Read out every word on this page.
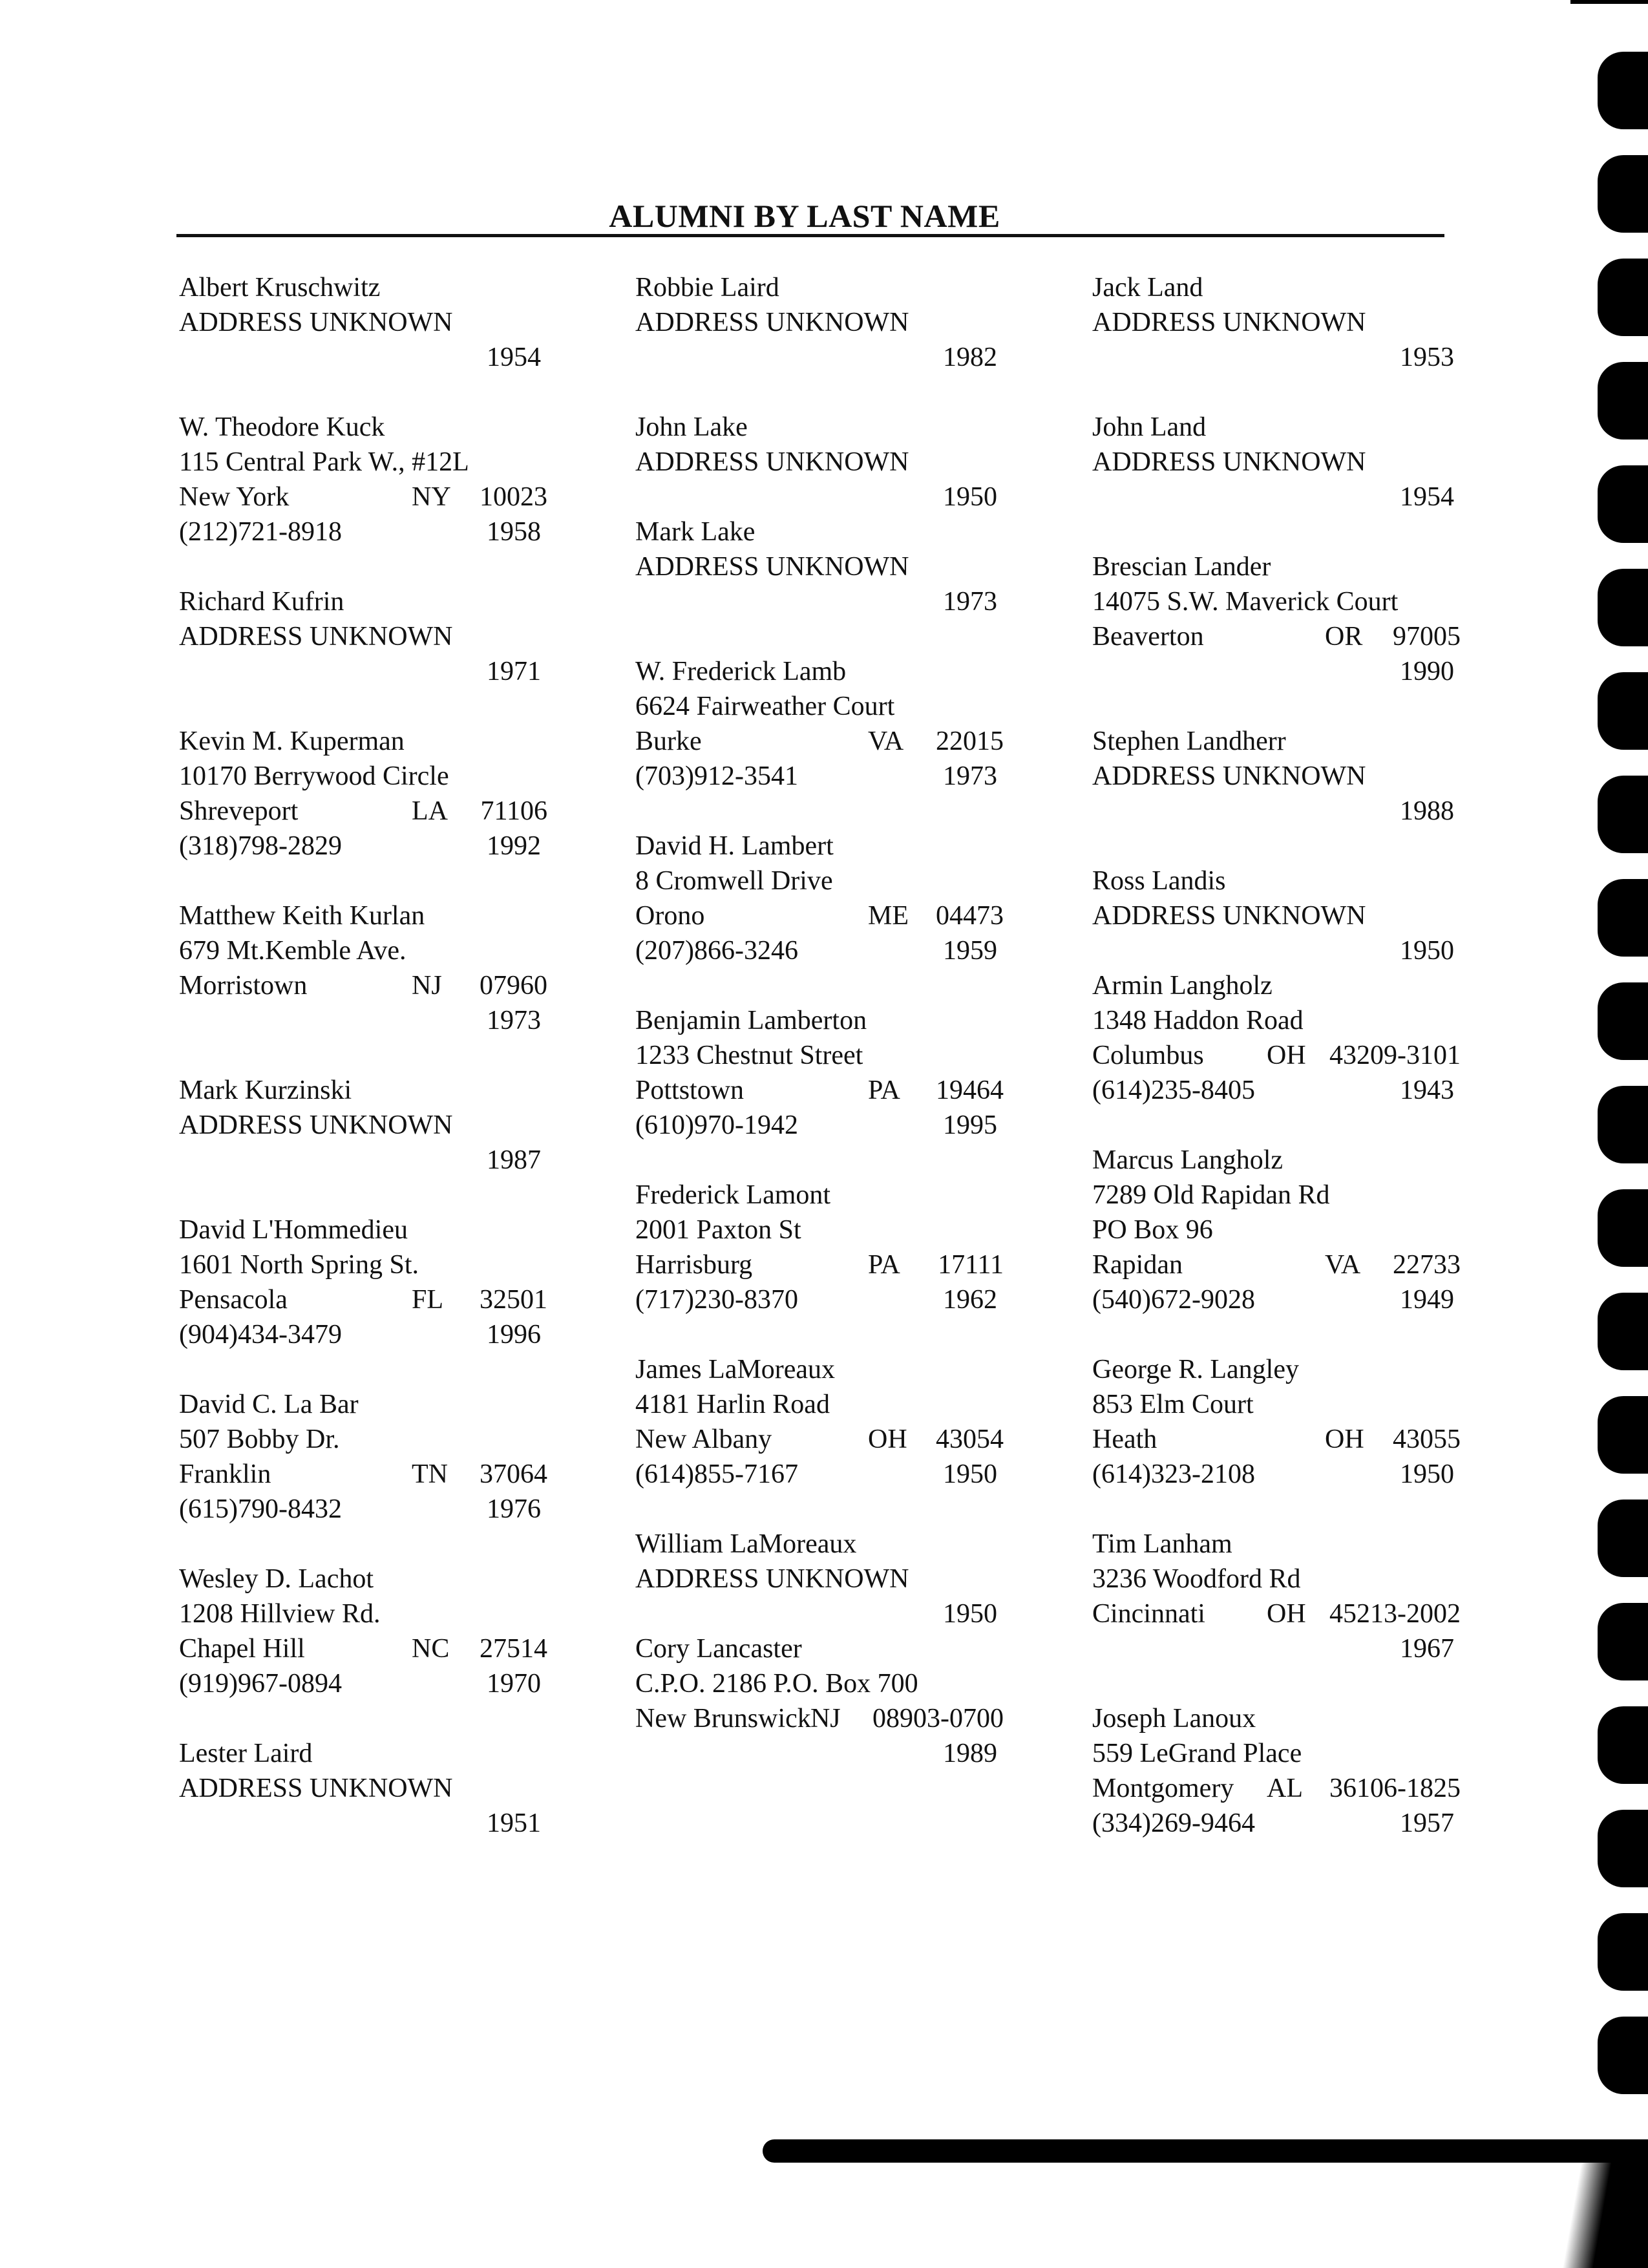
ALUMNI BY LAST NAME
Albert Kruschwitz
ADDRESS UNKNOWN
1954
W. Theodore Kuck
115 Central Park W., #12L
New York	NY 10023
(212)721-8918	1958
Richard Kufrin
ADDRESS UNKNOWN
1971
Kevin M. Kuperman
10170 Berrywood Circle
Shreveport	LA 71106
(318)798-2829	1992
Matthew Keith Kurlan
679 Mt.Kemble Ave.
Morristown	NJ 07960
1973
Mark Kurzinski
ADDRESS UNKNOWN
1987
David L'Hommedieu
1601 North Spring St.
Pensacola	FL 32501
(904)434-3479	1996
David C. La Bar
507 Bobby Dr.
Franklin	TN 37064
(615)790-8432	1976
Wesley D. Lachot
1208 Hillview Rd.
Chapel Hill	NC 27514
(919)967-0894	1970
Lester Laird
ADDRESS UNKNOWN
1951
Robbie Laird
ADDRESS UNKNOWN
1982
John Lake
ADDRESS UNKNOWN
1950
Mark Lake
ADDRESS UNKNOWN
1973
W. Frederick Lamb
6624 Fairweather Court
Burke	VA 22015
(703)912-3541	1973
David H. Lambert
8 Cromwell Drive
Orono	ME 04473
(207)866-3246	1959
Benjamin Lamberton
1233 Chestnut Street
Pottstown	PA 19464
(610)970-1942	1995
Frederick Lamont
2001 Paxton St
Harrisburg	PA 17111
(717)230-8370	1962
James LaMoreaux
4181 Harlin Road
New Albany	OH 43054
(614)855-7167	1950
William LaMoreaux
ADDRESS UNKNOWN
1950
Cory Lancaster
C.P.O. 2186 P.O. Box 700
New Brunswick NJ 08903-0700
1989
Jack Land
ADDRESS UNKNOWN
1953
John Land
ADDRESS UNKNOWN
1954
Brescian Lander
14075 S.W. Maverick Court
Beaverton	OR 97005
1990
Stephen Landherr
ADDRESS UNKNOWN
1988
Ross Landis
ADDRESS UNKNOWN
1950
Armin Langholz
1348 Haddon Road
Columbus OH 43209-3101
(614)235-8405	1943
Marcus Langholz
7289 Old Rapidan Rd
PO Box 96
Rapidan	VA 22733
(540)672-9028	1949
George R. Langley
853 Elm Court
Heath	OH 43055
(614)323-2108	1950
Tim Lanham
3236 Woodford Rd
Cincinnati OH 45213-2002
1967
Joseph Lanoux
559 LeGrand Place
Montgomery AL 36106-1825
(334)269-9464	1957
